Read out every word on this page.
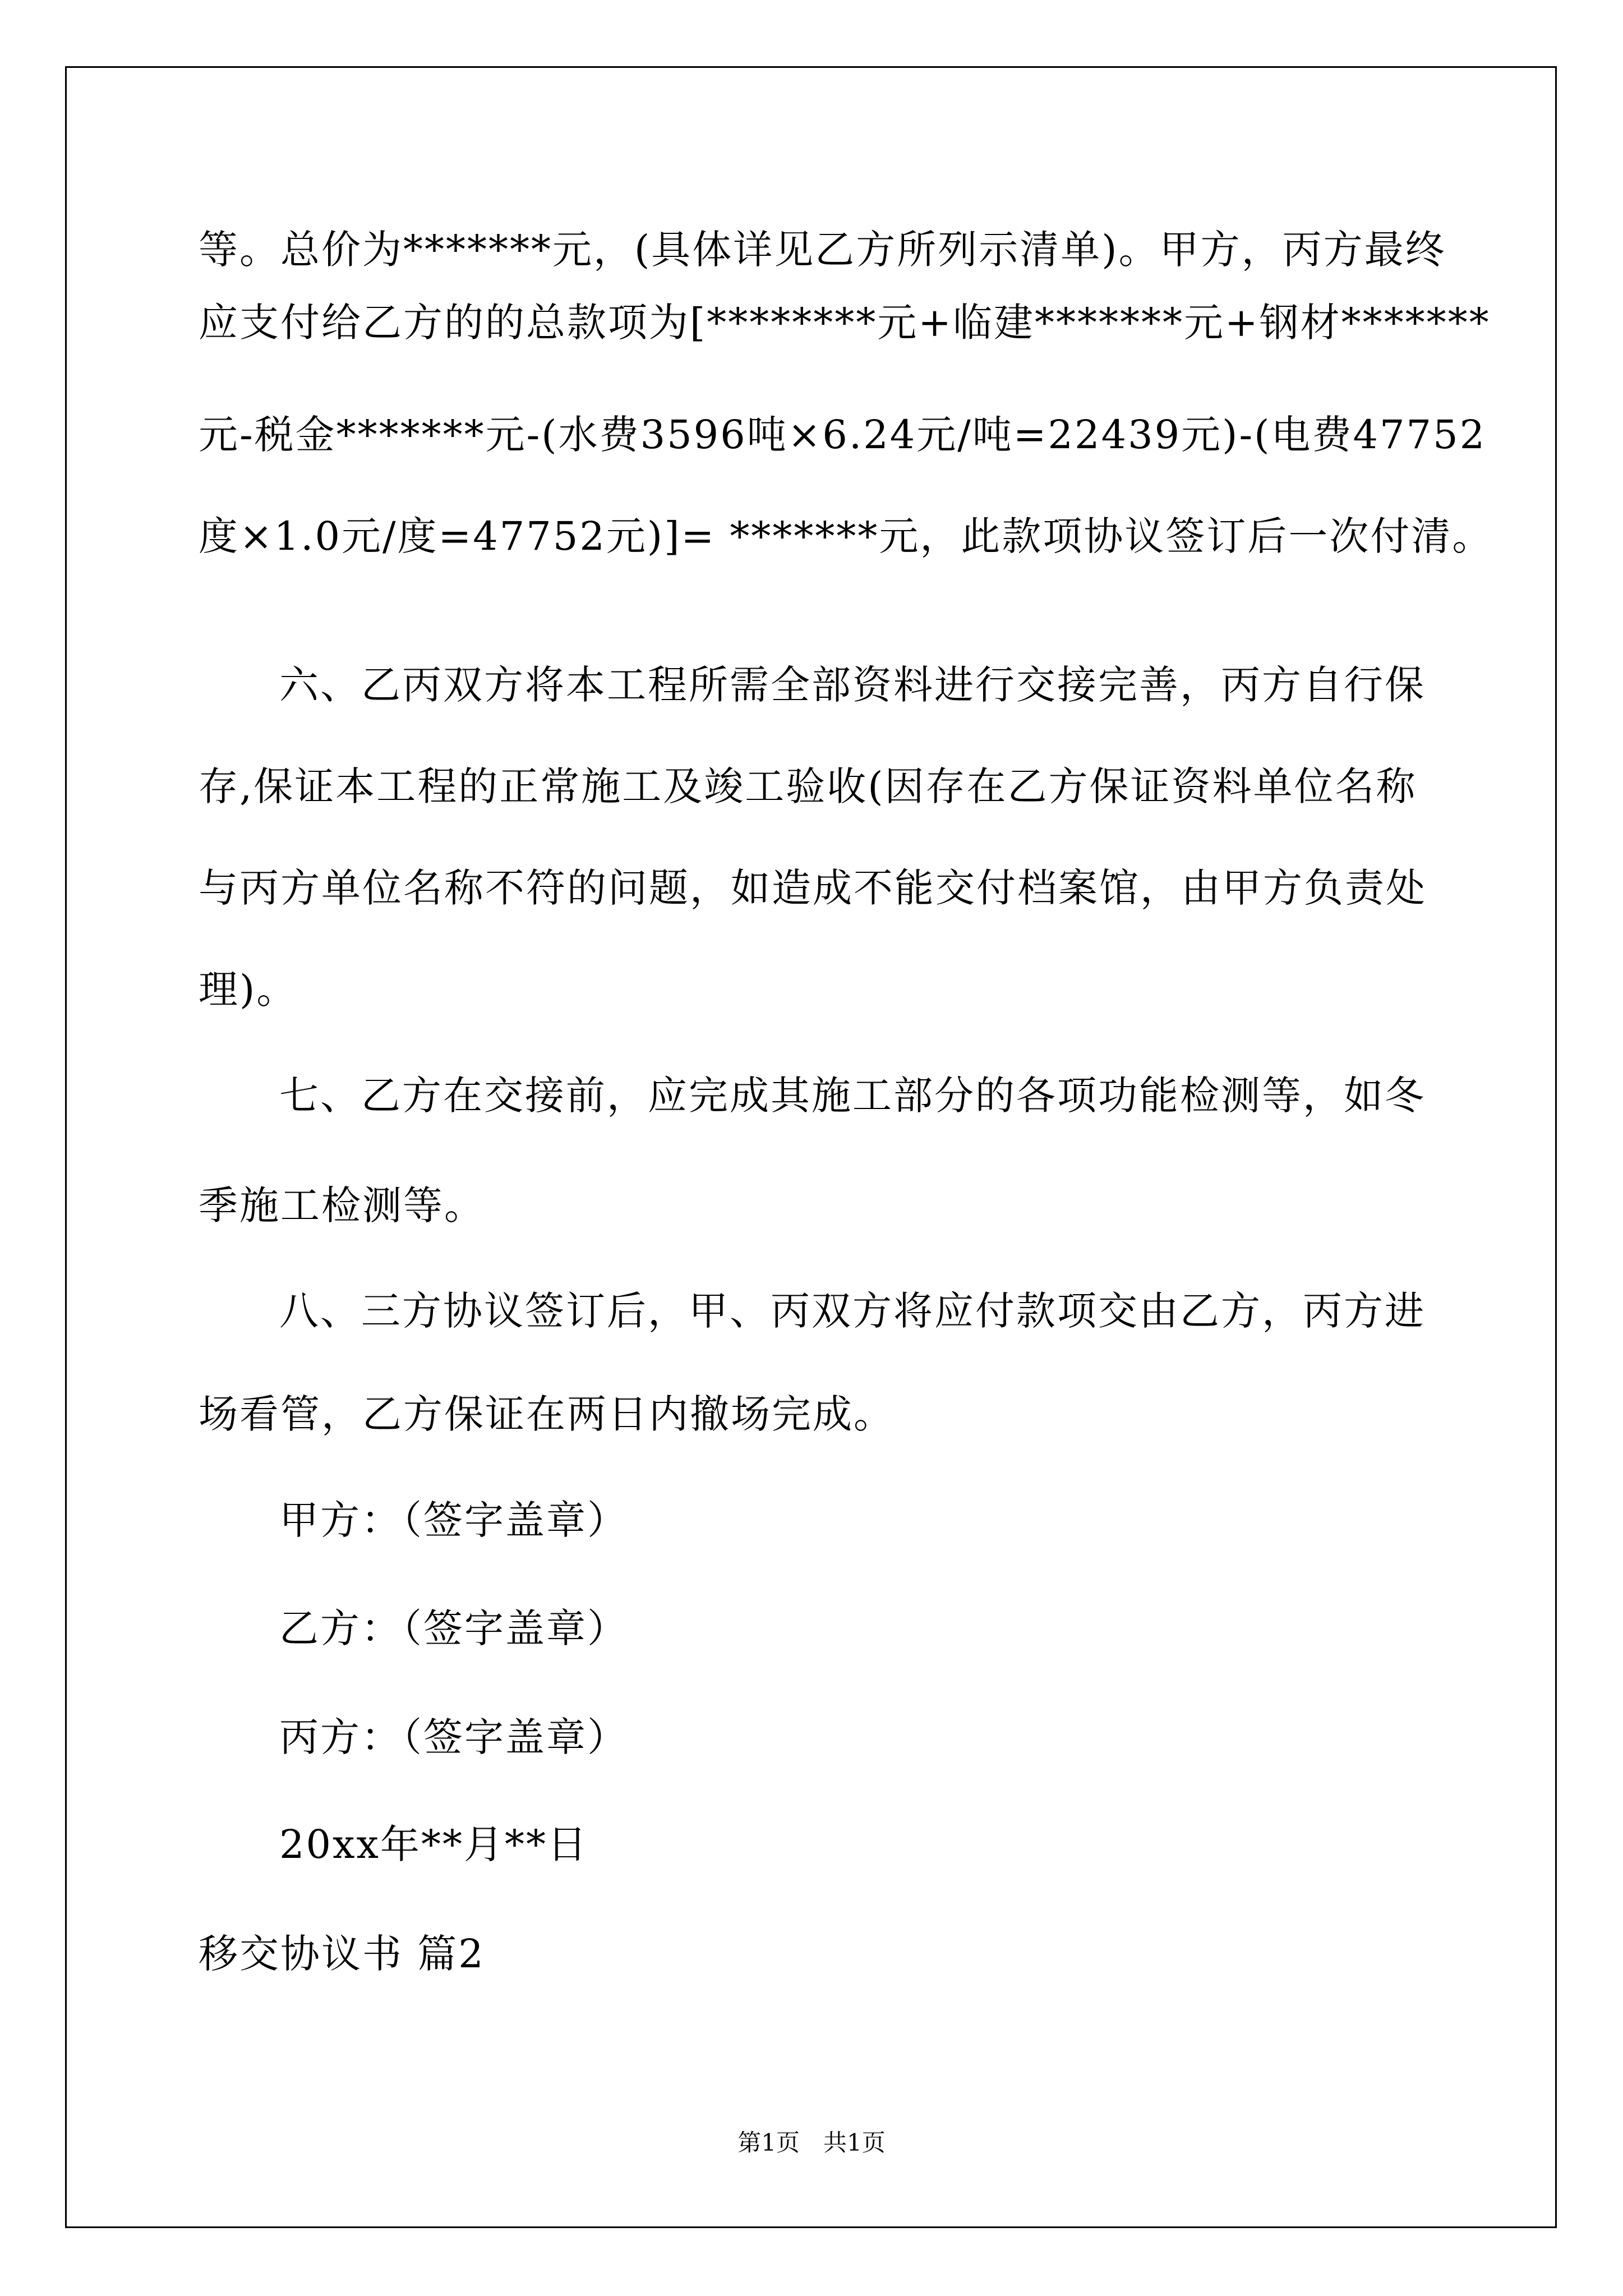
等。总价为*******元，(具体详见乙方所列示清单)。甲方，丙方最终
应支付给乙方的的总款项为[********元+临建*******元+钢材*******
元-税金*******元-(水费3596吨×6.24元/吨=22439元)-(电费47752
度×1.0元/度=47752元)]= *******元，此款项协议签订后一次付清。
六、乙丙双方将本工程所需全部资料进行交接完善，丙方自行保
存,保证本工程的正常施工及竣工验收(因存在乙方保证资料单位名称
与丙方单位名称不符的问题，如造成不能交付档案馆，由甲方负责处
理)。
七、乙方在交接前，应完成其施工部分的各项功能检测等，如冬
季施工检测等。
八、三方协议签订后，甲、丙双方将应付款项交由乙方，丙方进
场看管，乙方保证在两日内撤场完成。
甲方：（签字盖章）
乙方：（签字盖章）
丙方：（签字盖章）
20xx年**月**日
移交协议书 篇2
第1页　共1页
